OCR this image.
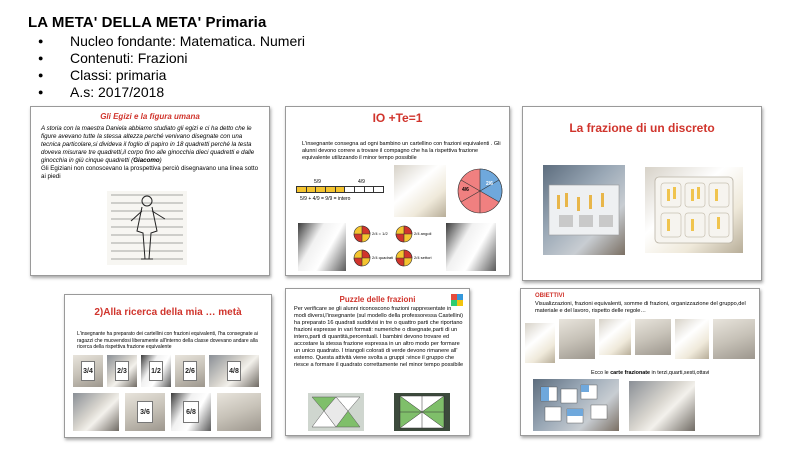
LA META' DELLA META' Primaria
● Nucleo fondante: Matematica. Numeri
● Contenuti: Frazioni
● Classi: primaria
● A.s: 2017/2018
Gli Egizi e la figura umana
A storia con la maestra Daniela abbiamo studiato gli egizi e ci ha detto che le figure avevano tutte la stessa altezza perché venivano disegnate con una tecnica particolare,si divideva il foglio di papiro in 18 quadretti perché la testa doveva misurare tre quadretti,il corpo fino alle ginocchia dieci quadretti e dalle ginocchia in giù cinque quadretti (Giacomo)
Gli Egiziani non conoscevano la prospettiva perciò disegnavano una linea sotto ai piedi
IO +Te=1
L'insegnante consegna ad ogni bambino un cartellino con frazioni equivalenti . Gli alunni devono correre a trovare il compagno che ha la rispettiva frazione equivalente utilizzando il minor tempo possibile
5/9	4/9
5/9 + 4/9 = 9/9 = intero
4/6
2/6
2/4 = 1/2	2/4 angoli
2/4 quadrati	2/4 settori
La frazione di un discreto
2)Alla ricerca della mia … metà
L'insegnante ha preparato dei cartellini con frazioni equivalenti, l'ha consegnate ai ragazzi che muovendosi liberamente all'interno della classe dovevano andare alla ricerca della rispettiva frazione equivalente
3/4	2/3	1/2	2/6	4/8
3/6	6/8
Puzzle delle frazioni
Per verificare se gli alunni riconoscono frazioni rappresentate in modi diversi,l'insegnante (sul modello della professoressa Castellini) ha preparato 16 quadrati suddivisi in tre o quattro parti che riportano frazioni espresse in vari formati: numeriche o disegnate,parti di un intero,parti di quantità,percentuali. I bambini devono trovare ed accostare la stessa frazione espressa in un altro modo per formare un unico quadrato. I triangoli colorati di verde devono rimanere all' esterno. Questa attività viene svolta a gruppi :vince il gruppo che riesce a formare il quadrato correttamente nel minor tempo possibile
OBIETTIVI
Visualizzazioni, frazioni equivalenti, somme di frazioni, organizzazione del gruppo,del materiale e del lavoro, rispetto delle regole…
Ecco le carte frazionate in terzi,quarti,sesti,ottavi
